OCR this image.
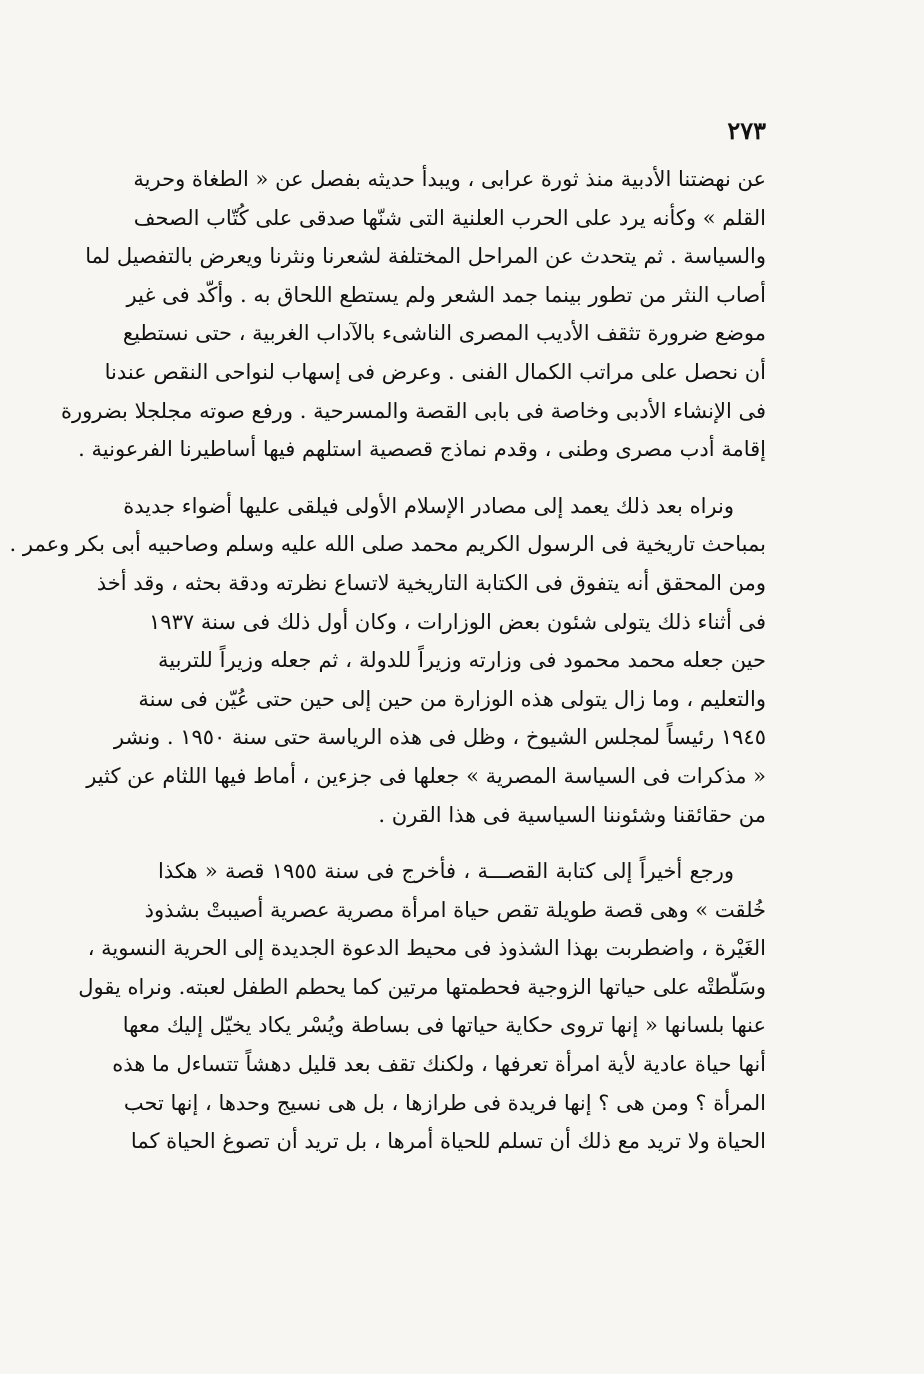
٢٧٣
عن نهضتنا الأدبية منذ ثورة عرابى ، ويبدأ حديثه بفصل عن « الطغاة وحرية
القلم » وكأنه يرد على الحرب العلنية التى شنّها صدقى على كُتّاب الصحف
والسياسة . ثم يتحدث عن المراحل المختلفة لشعرنا ونثرنا ويعرض بالتفصيل لما
أصاب النثر من تطور بينما جمد الشعر ولم يستطع اللحاق به . وأكّد فى غير
موضع ضرورة تثقف الأديب المصرى الناشىء بالآداب الغربية ، حتى نستطيع
أن نحصل على مراتب الكمال الفنى . وعرض فى إسهاب لنواحى النقص عندنا
فى الإنشاء الأدبى وخاصة فى بابى القصة والمسرحية . ورفع صوته مجلجلا بضرورة
إقامة أدب مصرى وطنى ، وقدم نماذج قصصية استلهم فيها أساطيرنا الفرعونية .
ونراه بعد ذلك يعمد إلى مصادر الإسلام الأولى فيلقى عليها أضواء جديدة
بمباحث تاريخية فى الرسول الكريم محمد صلى الله عليه وسلم وصاحبيه أبى بكر وعمر .
ومن المحقق أنه يتفوق فى الكتابة التاريخية لاتساع نظرته ودقة بحثه ، وقد أخذ
فى أثناء ذلك يتولى شئون بعض الوزارات ، وكان أول ذلك فى سنة ١٩٣٧
حين جعله محمد محمود فى وزارته وزيراً للدولة ، ثم جعله وزيراً للتربية
والتعليم ، وما زال يتولى هذه الوزارة من حين إلى حين حتى عُيّن فى سنة
١٩٤٥ رئيساً لمجلس الشيوخ ، وظل فى هذه الرياسة حتى سنة ١٩٥٠ . ونشر
« مذكرات فى السياسة المصرية » جعلها فى جزءين ، أماط فيها اللثام عن كثير
من حقائقنا وشئوننا السياسية فى هذا القرن .
ورجع أخيراً إلى كتابة القصـــة ، فأخرج فى سنة ١٩٥٥ قصة « هكذا
خُلقت » وهى قصة طويلة تقص حياة امرأة مصرية عصرية أصيبتْ بشذوذ
الغَيْرة ، واضطربت بهذا الشذوذ فى محيط الدعوة الجديدة إلى الحرية النسوية ،
وسَلّطتْه على حياتها الزوجية فحطمتها مرتين كما يحطم الطفل لعبته. ونراه يقول
عنها بلسانها « إنها تروى حكاية حياتها فى بساطة ويُسْر يكاد يخيّل إليك معها
أنها حياة عادية لأية امرأة تعرفها ، ولكنك تقف بعد قليل دهشاً تتساءل ما هذه
المرأة ؟ ومن هى ؟ إنها فريدة فى طرازها ، بل هى نسيج وحدها ، إنها تحب
الحياة ولا تريد مع ذلك أن تسلم للحياة أمرها ، بل تريد أن تصوغ الحياة كما
